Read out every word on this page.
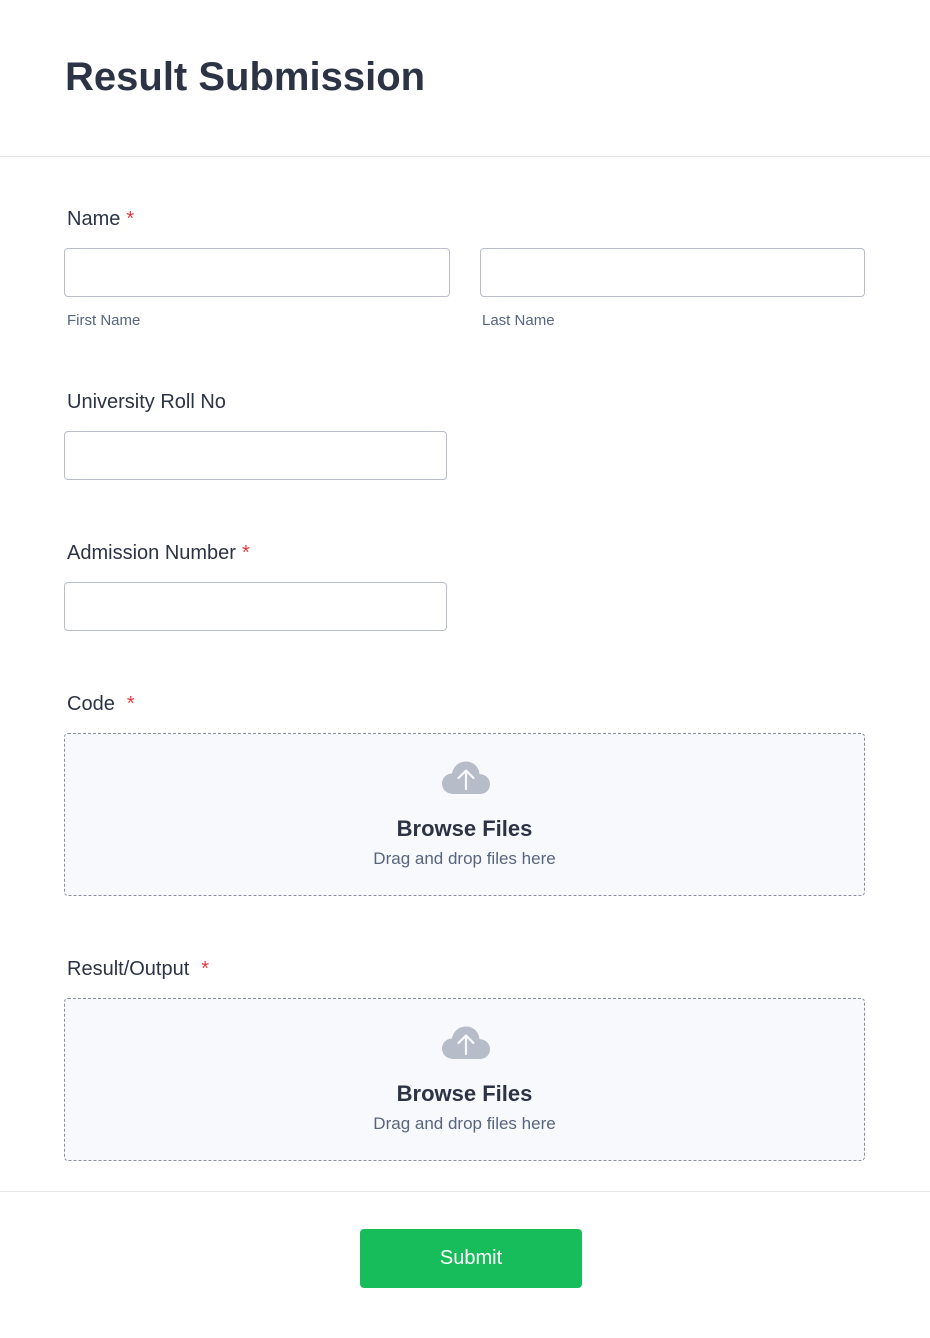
Result Submission
Name *
First Name	Last Name
University Roll No
Admission Number *
Code *
Browse Files
Drag and drop files here
Result/Output *
Browse Files
Drag and drop files here
Submit
